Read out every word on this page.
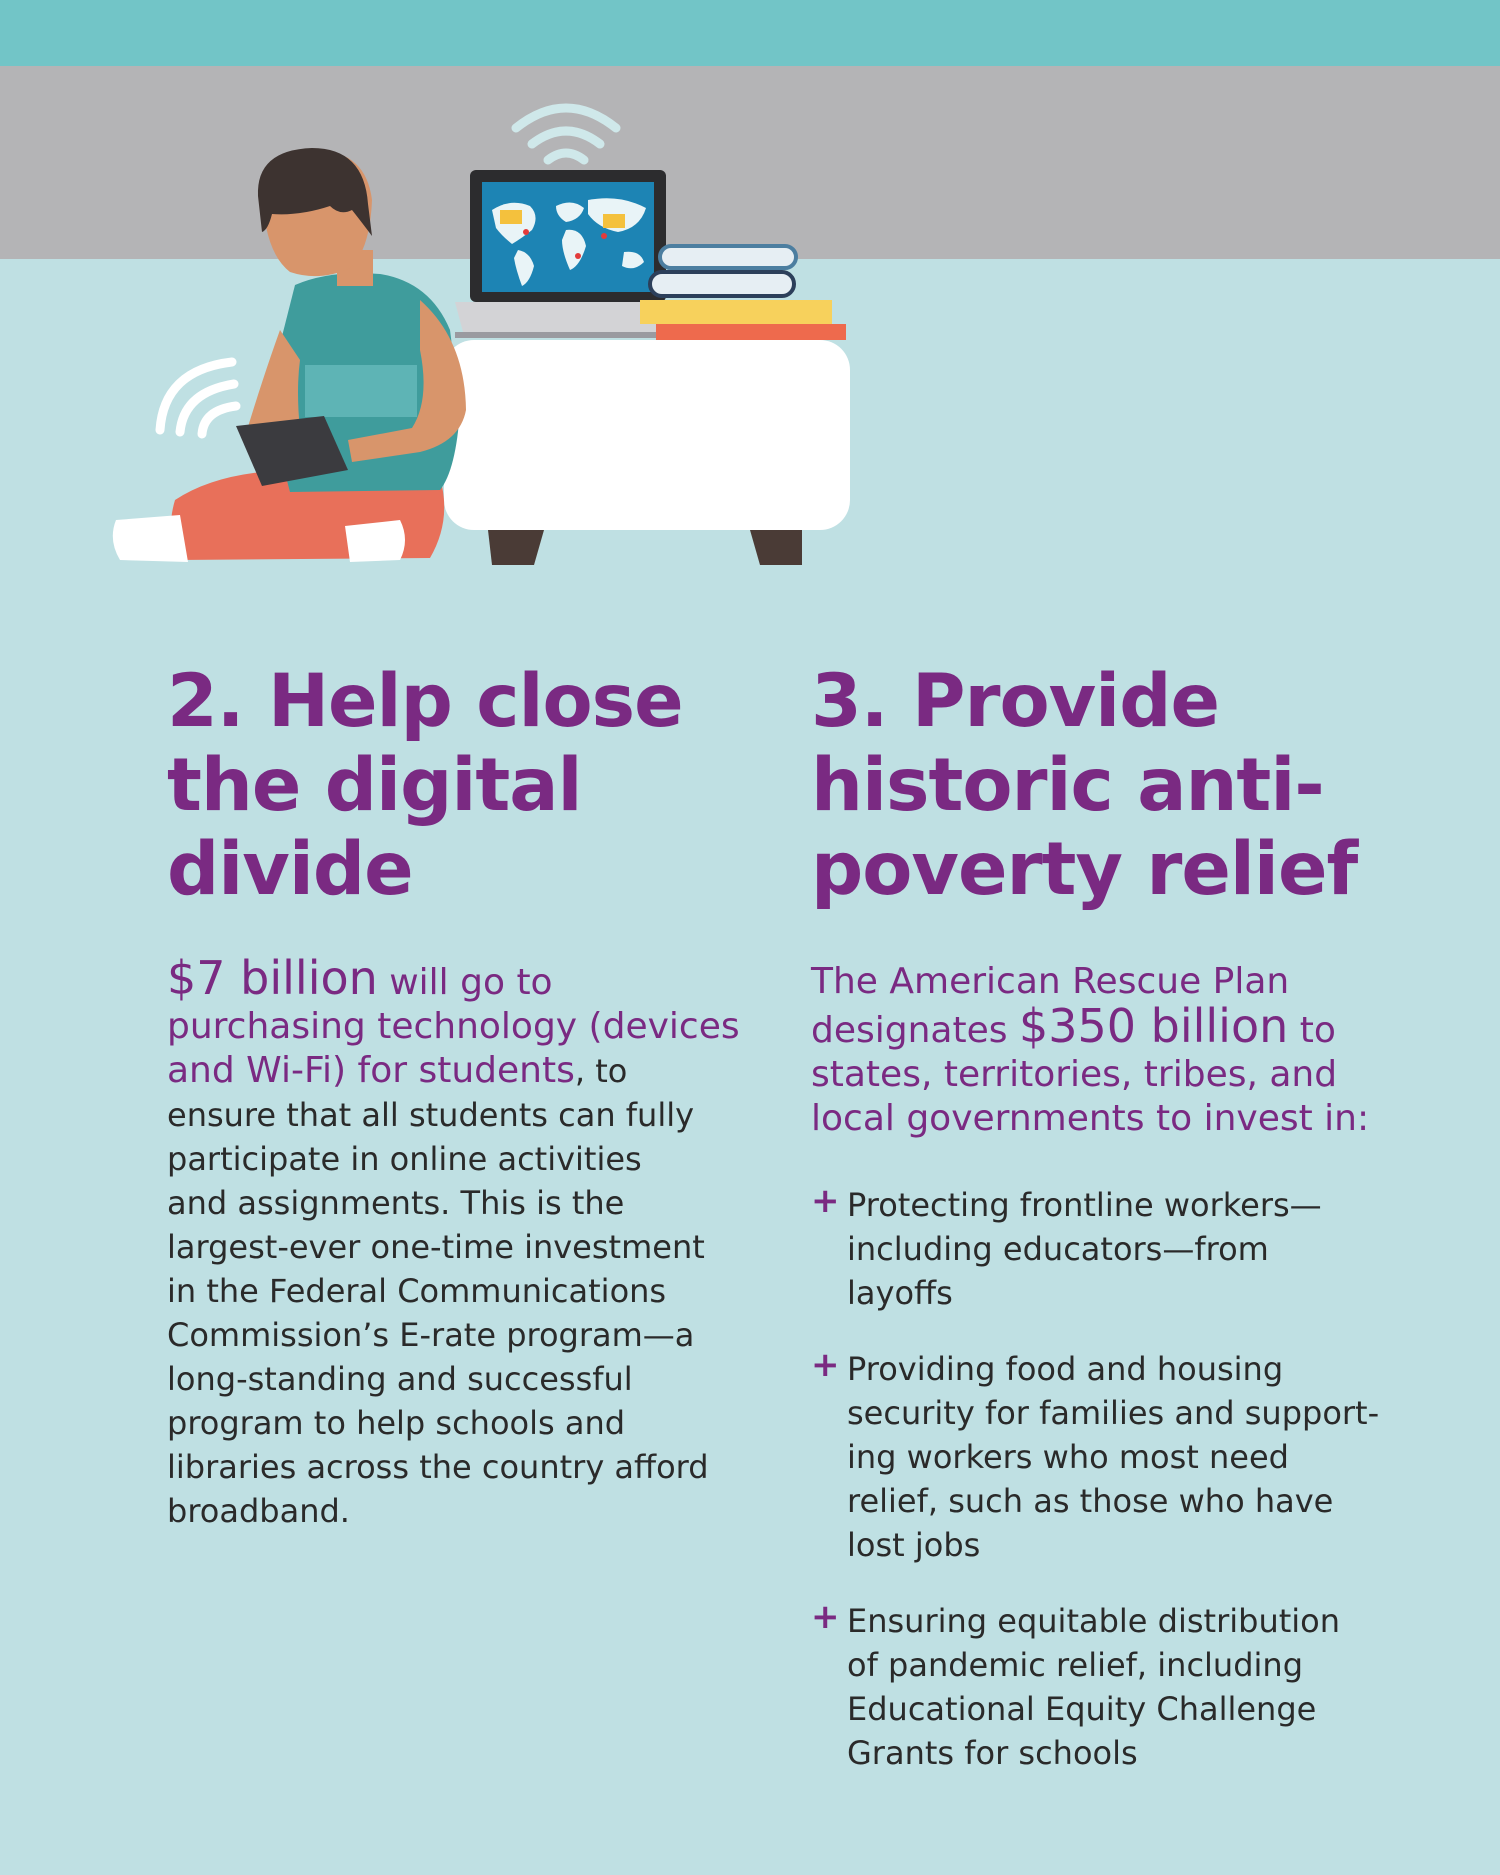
2. Help close
the digital
divide
$7 billion will go to
purchasing technology (devices
and Wi-Fi) for students, to
ensure that all students can fully
participate in online activities
and assignments. This is the
largest-ever one-time investment
in the Federal Communications
Commission’s E-rate program—a
long-standing and successful
program to help schools and
libraries across the country afford
broadband.
3. Provide
historic anti-
poverty relief
The American Rescue Plan
designates $350 billion to
states, territories, tribes, and
local governments to invest in:
+ Protecting frontline workers—
including educators—from
layoffs
+ Providing food and housing
security for families and support-
ing workers who most need
relief, such as those who have
lost jobs
+ Ensuring equitable distribution
of pandemic relief, including
Educational Equity Challenge
Grants for schools
